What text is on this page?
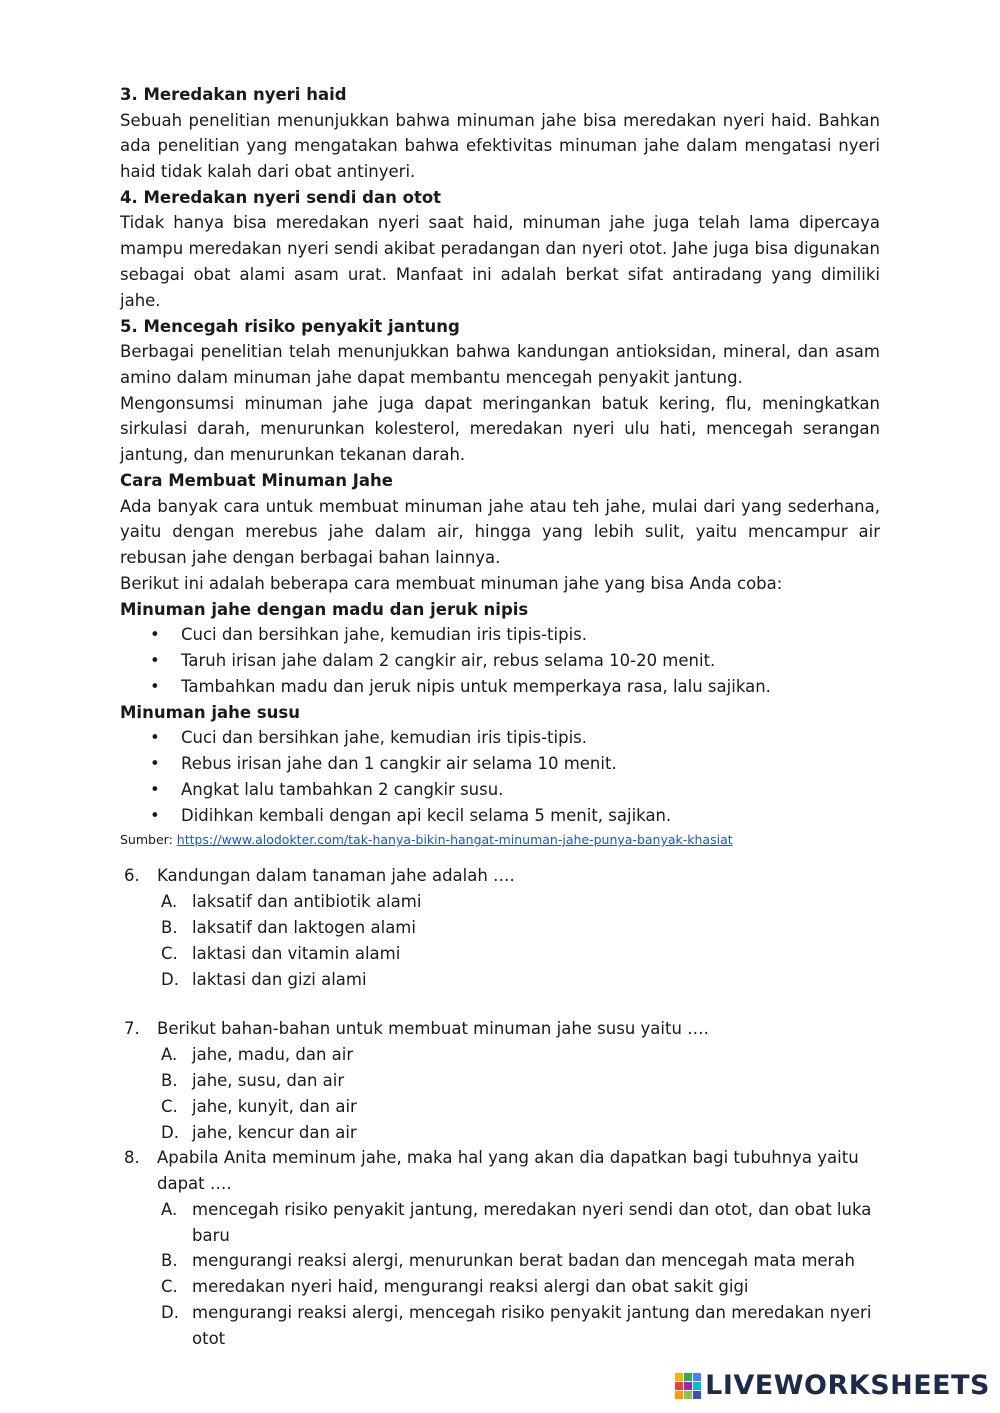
3. Meredakan nyeri haid

Sebuah penelitian menunjukkan bahwa minuman jahe bisa meredakan nyeri haid. Bahkan ada penelitian yang mengatakan bahwa efektivitas minuman jahe dalam mengatasi nyeri haid tidak kalah dari obat antinyeri.

4. Meredakan nyeri sendi dan otot

Tidak hanya bisa meredakan nyeri saat haid, minuman jahe juga telah lama dipercaya mampu meredakan nyeri sendi akibat peradangan dan nyeri otot. Jahe juga bisa digunakan sebagai obat alami asam urat. Manfaat ini adalah berkat sifat antiradang yang dimiliki jahe.

5. Mencegah risiko penyakit jantung

Berbagai penelitian telah menunjukkan bahwa kandungan antioksidan, mineral, dan asam amino dalam minuman jahe dapat membantu mencegah penyakit jantung.

Mengonsumsi minuman jahe juga dapat meringankan batuk kering, flu, meningkatkan sirkulasi darah, menurunkan kolesterol, meredakan nyeri ulu hati, mencegah serangan jantung, dan menurunkan tekanan darah.

Cara Membuat Minuman Jahe

Ada banyak cara untuk membuat minuman jahe atau teh jahe, mulai dari yang sederhana, yaitu dengan merebus jahe dalam air, hingga yang lebih sulit, yaitu mencampur air rebusan jahe dengan berbagai bahan lainnya.

Berikut ini adalah beberapa cara membuat minuman jahe yang bisa Anda coba:

Minuman jahe dengan madu dan jeruk nipis

• Cuci dan bersihkan jahe, kemudian iris tipis-tipis.
• Taruh irisan jahe dalam 2 cangkir air, rebus selama 10-20 menit.
• Tambahkan madu dan jeruk nipis untuk memperkaya rasa, lalu sajikan.

Minuman jahe susu

• Cuci dan bersihkan jahe, kemudian iris tipis-tipis.
• Rebus irisan jahe dan 1 cangkir air selama 10 menit.
• Angkat lalu tambahkan 2 cangkir susu.
• Didihkan kembali dengan api kecil selama 5 menit, sajikan.

Sumber: https://www.alodokter.com/tak-hanya-bikin-hangat-minuman-jahe-punya-banyak-khasiat

6. Kandungan dalam tanaman jahe adalah ….
A. laksatif dan antibiotik alami
B. laksatif dan laktogen alami
C. laktasi dan vitamin alami
D. laktasi dan gizi alami
7. Berikut bahan-bahan untuk membuat minuman jahe susu yaitu ….
A. jahe, madu, dan air
B. jahe, susu, dan air
C. jahe, kunyit, dan air
D. jahe, kencur dan air
8. Apabila Anita meminum jahe, maka hal yang akan dia dapatkan bagi tubuhnya yaitu dapat ….
A. mencegah risiko penyakit jantung, meredakan nyeri sendi dan otot, dan obat luka baru
B. mengurangi reaksi alergi, menurunkan berat badan dan mencegah mata merah
C. meredakan nyeri haid, mengurangi reaksi alergi dan obat sakit gigi
D. mengurangi reaksi alergi, mencegah risiko penyakit jantung dan meredakan nyeri otot
LIVEWORKSHEETS
